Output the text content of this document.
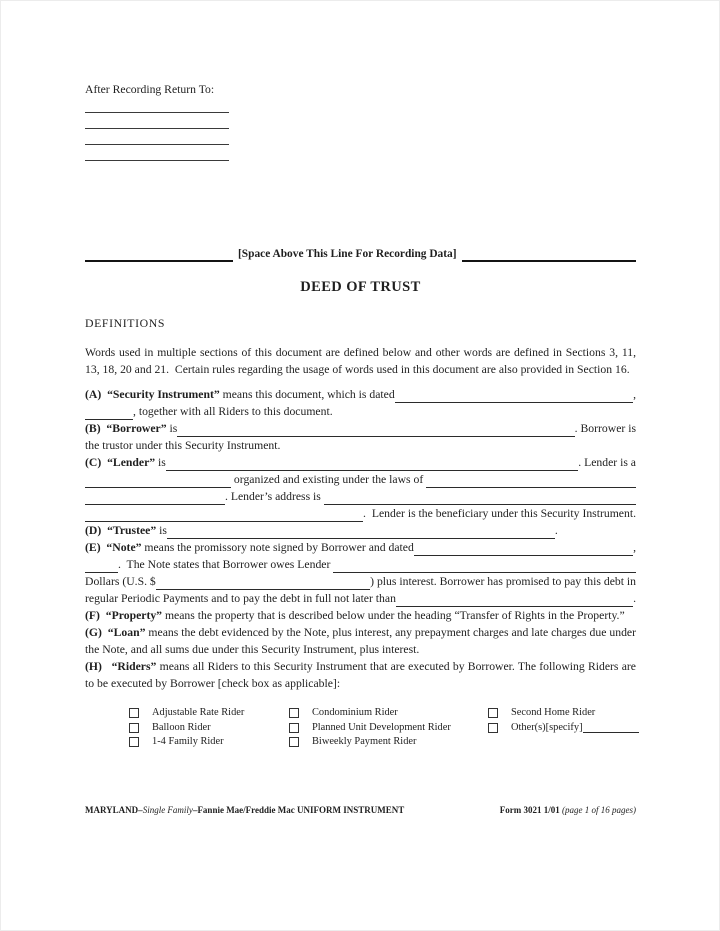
After Recording Return To:
[Space Above This Line For Recording Data]
DEED OF TRUST
DEFINITIONS

Words used in multiple sections of this document are defined below and other words are defined in Sections 3, 11, 13, 18, 20 and 21.  Certain rules regarding the usage of words used in this document are also provided in Section 16.

(A)  “Security Instrument” means this document, which is dated	,
, together with all Riders to this document.
(B)  “Borrower” is	. Borrower is
the trustor under this Security Instrument.
(C)  “Lender” is	. Lender is a
organized and existing under the laws of
. Lender’s address is
.  Lender is the beneficiary under this Security Instrument.
(D)  “Trustee” is	.
(E)  “Note” means the promissory note signed by Borrower and dated	,
.  The Note states that Borrower owes Lender
Dollars (U.S. $	) plus interest. Borrower has promised to pay this debt in
regular Periodic Payments and to pay the debt in full not later than	.

(F)  “Property” means the property that is described below under the heading “Transfer of Rights in the Property.”

(G)  “Loan” means the debt evidenced by the Note, plus interest, any prepayment charges and late charges due under the Note, and all sums due under this Security Instrument, plus interest.

(H)   “Riders” means all Riders to this Security Instrument that are executed by Borrower. The following Riders are to be executed by Borrower [check box as applicable]:

Adjustable Rate Rider	Condominium Rider	Second Home Rider
Balloon Rider	Planned Unit Development Rider	Other(s)[specify]
1-4 Family Rider	Biweekly Payment Rider
MARYLAND–Single Family–Fannie Mae/Freddie Mac UNIFORM INSTRUMENT	Form 3021 1/01 (page 1 of 16 pages)
